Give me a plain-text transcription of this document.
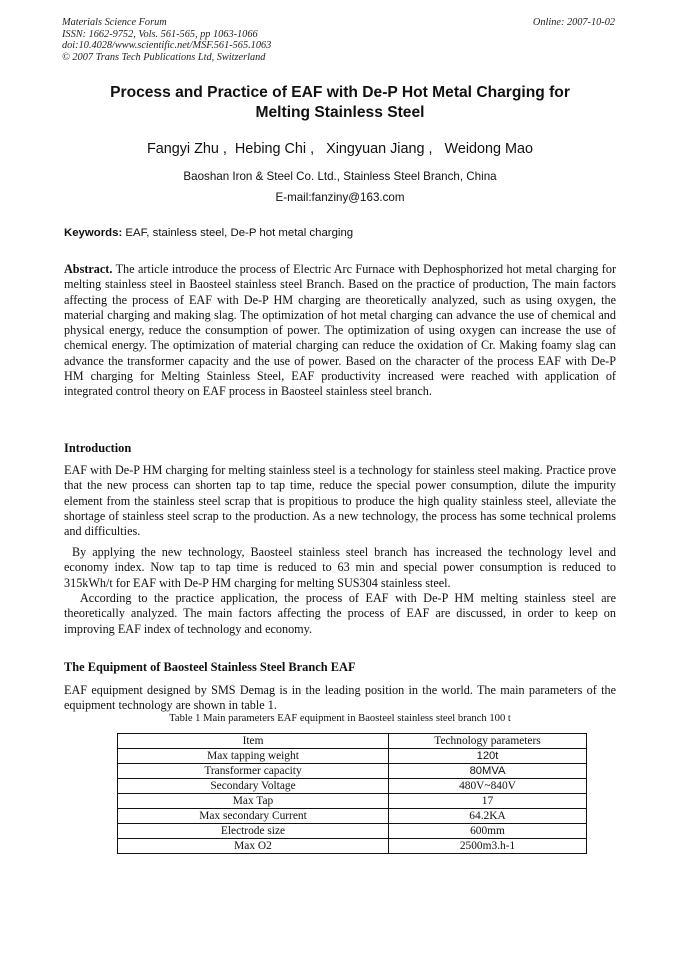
Materials Science Forum
ISSN: 1662-9752, Vols. 561-565, pp 1063-1066
doi:10.4028/www.scientific.net/MSF.561-565.1063
© 2007 Trans Tech Publications Ltd, Switzerland
Online: 2007-10-02
Process and Practice of EAF with De-P Hot Metal Charging for
Melting Stainless Steel
Fangyi Zhu ,  Hebing Chi ,   Xingyuan Jiang ,   Weidong Mao
Baoshan Iron & Steel Co. Ltd., Stainless Steel Branch, China
E-mail:fanziny@163.com
Keywords: EAF, stainless steel, De-P hot metal charging
Abstract. The article introduce the process of Electric Arc Furnace with Dephosphorized hot metal charging for melting stainless steel in Baosteel stainless steel Branch. Based on the practice of production, The main factors affecting the process of EAF with De-P HM charging are theoretically analyzed, such as using oxygen, the material charging and making slag. The optimization of hot metal charging can advance the use of chemical and physical energy, reduce the consumption of power. The optimization of using oxygen can increase the use of chemical energy. The optimization of material charging can reduce the oxidation of Cr. Making foamy slag can advance the transformer capacity and the use of power. Based on the character of the process EAF with De-P HM charging for Melting Stainless Steel, EAF productivity increased were reached with application of integrated control theory on EAF process in Baosteel stainless steel branch.
Introduction
EAF with De-P HM charging for melting stainless steel is a technology for stainless steel making. Practice prove that the new process can shorten tap to tap time, reduce the special power consumption, dilute the impurity element from the stainless steel scrap that is propitious to produce the high quality stainless steel, alleviate the shortage of stainless steel scrap to the production. As a new technology, the process has some technical prolems and difficulties.
By applying the new technology, Baosteel stainless steel branch has increased the technology level and economy index. Now tap to tap time is reduced to 63 min and special power consumption is reduced to 315kWh/t for EAF with De-P HM charging for melting SUS304 stainless steel.
According to the practice application, the process of EAF with De-P HM melting stainless steel are theoretically analyzed. The main factors affecting the process of EAF are discussed, in order to keep on improving EAF index of technology and economy.
The Equipment of Baosteel Stainless Steel Branch EAF
EAF equipment designed by SMS Demag is in the leading position in the world. The main parameters of the equipment technology are shown in table 1.
Table 1 Main parameters EAF equipment in Baosteel stainless steel branch 100 t
Item	Technology parameters
Max tapping weight	120t
Transformer capacity	80MVA
Secondary Voltage	480V~840V
Max Tap	17
Max secondary Current	64.2KA
Electrode size	600mm
Max O2	2500m3.h-1
